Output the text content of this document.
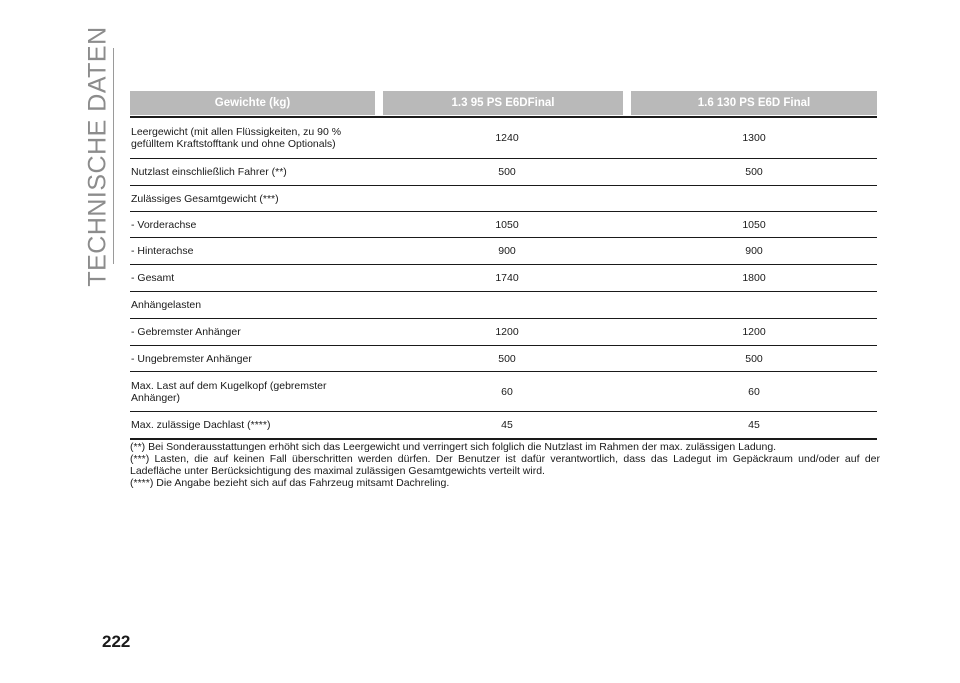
TECHNISCHE DATEN	Gewichte (kg)	1.3 95 PS E6DFinal	1.6 130 PS E6D Final
Leergewicht (mit allen Flüssigkeiten, zu 90 % gefülltem Kraftstofftank und ohne Optionals)	1240	1300
Nutzlast einschließlich Fahrer (**)	500	500
Zulässiges Gesamtgewicht (***)
- Vorderachse	1050	1050
- Hinterachse	900	900
- Gesamt	1740	1800
Anhängelasten
- Gebremster Anhänger	1200	1200
- Ungebremster Anhänger	500	500
Max. Last auf dem Kugelkopf (gebremster Anhänger)	60	60
Max. zulässige Dachlast (****)	45	45

(**) Bei Sonderausstattungen erhöht sich das Leergewicht und verringert sich folglich die Nutzlast im Rahmen der max. zulässigen Ladung.

(***) Lasten, die auf keinen Fall überschritten werden dürfen. Der Benutzer ist dafür verantwortlich, dass das Ladegut im Gepäckraum und/oder auf der Ladefläche unter Berücksichtigung des maximal zulässigen Gesamtgewichts verteilt wird.

(****) Die Angabe bezieht sich auf das Fahrzeug mitsamt Dachreling.

222
